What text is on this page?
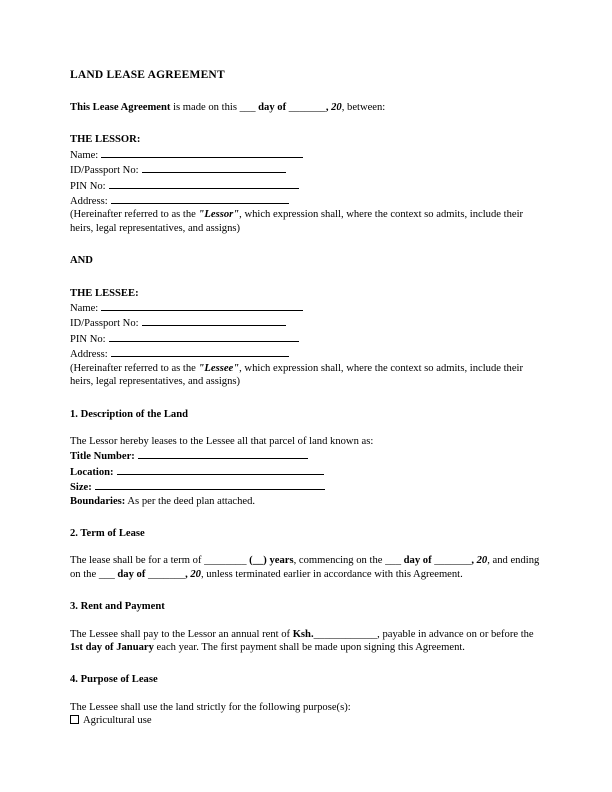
LAND LEASE AGREEMENT

This Lease Agreement is made on this ___ day of _______, 20, between:

THE LESSOR:

Name:
ID/Passport No:
PIN No:
Address:

(Hereinafter referred to as the "Lessor", which expression shall, where the context so admits, include their heirs, legal representatives, and assigns)

AND

THE LESSEE:

Name:
ID/Passport No:
PIN No:
Address:

(Hereinafter referred to as the "Lessee", which expression shall, where the context so admits, include their heirs, legal representatives, and assigns)

1. Description of the Land

The Lessor hereby leases to the Lessee all that parcel of land known as:

Title Number:
Location:
Size:

Boundaries: As per the deed plan attached.

2. Term of Lease

The lease shall be for a term of ________ (__) years, commencing on the ___ day of _______, 20, and ending on the ___ day of _______, 20, unless terminated earlier in accordance with this Agreement.

3. Rent and Payment

The Lessee shall pay to the Lessor an annual rent of Ksh.____________, payable in advance on or before the 1st day of January each year. The first payment shall be made upon signing this Agreement.

4. Purpose of Lease

The Lessee shall use the land strictly for the following purpose(s):

Agricultural use
